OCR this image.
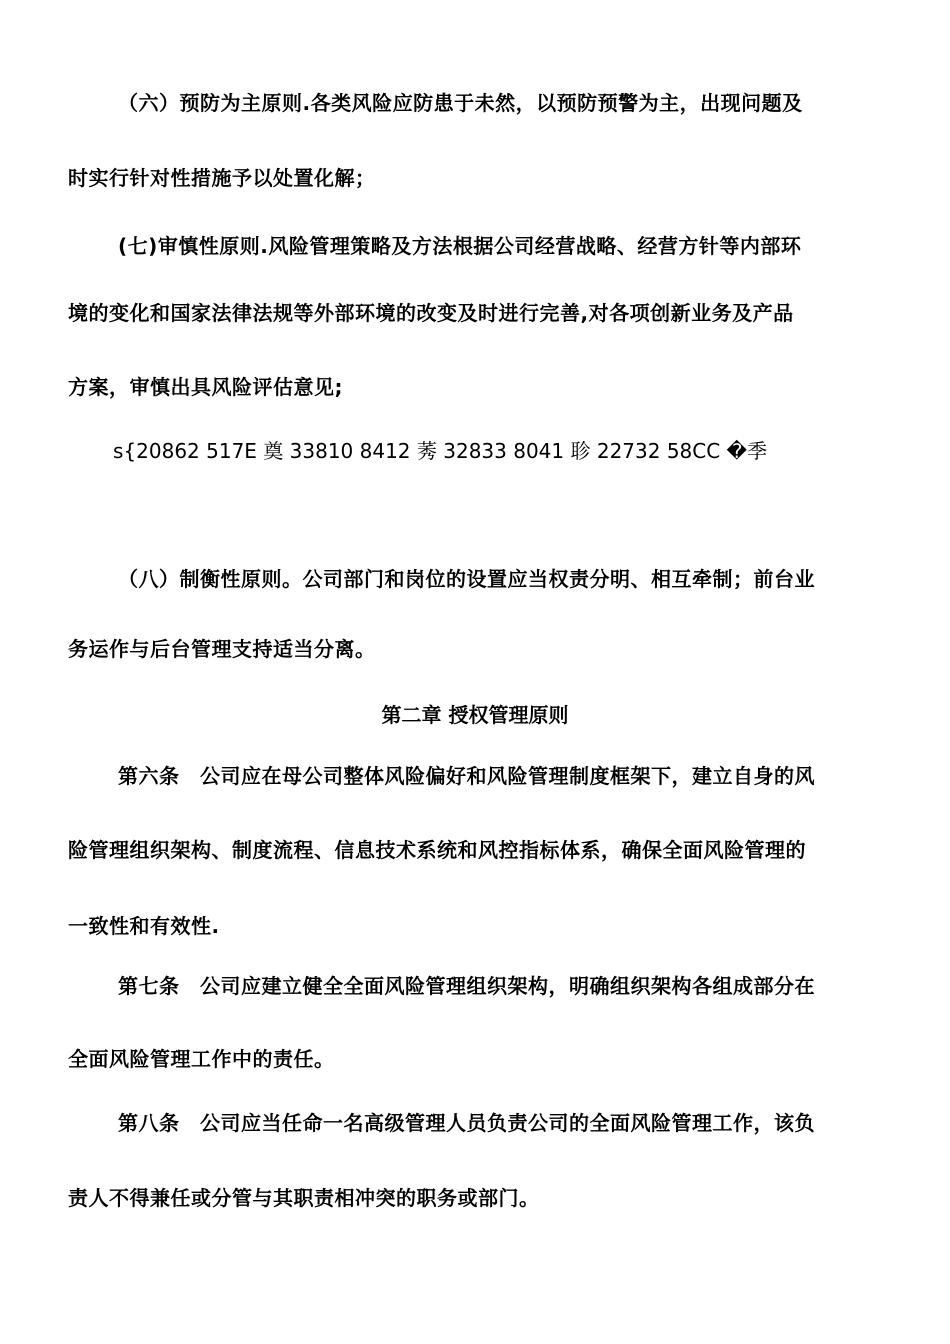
（六）预防为主原则.各类风险应防患于未然，以预防预警为主，出现问题及
时实行针对性措施予以处置化解；
(七)审慎性原则.风险管理策略及方法根据公司经营战略、经营方针等内部环
境的变化和国家法律法规等外部环境的改变及时进行完善,对各项创新业务及产品
方案，审慎出具风险评估意见;
s{20862 517E 奠 33810 8412 莠 32833 8041 聄 22732 58CC �季
（八）制衡性原则。公司部门和岗位的设置应当权责分明、相互牵制；前台业
务运作与后台管理支持适当分离。
第二章 授权管理原则
第六条　公司应在母公司整体风险偏好和风险管理制度框架下，建立自身的风
险管理组织架构、制度流程、信息技术系统和风控指标体系，确保全面风险管理的
一致性和有效性.
第七条　公司应建立健全全面风险管理组织架构，明确组织架构各组成部分在
全面风险管理工作中的责任。
第八条　公司应当任命一名高级管理人员负责公司的全面风险管理工作，该负
责人不得兼任或分管与其职责相冲突的职务或部门。
